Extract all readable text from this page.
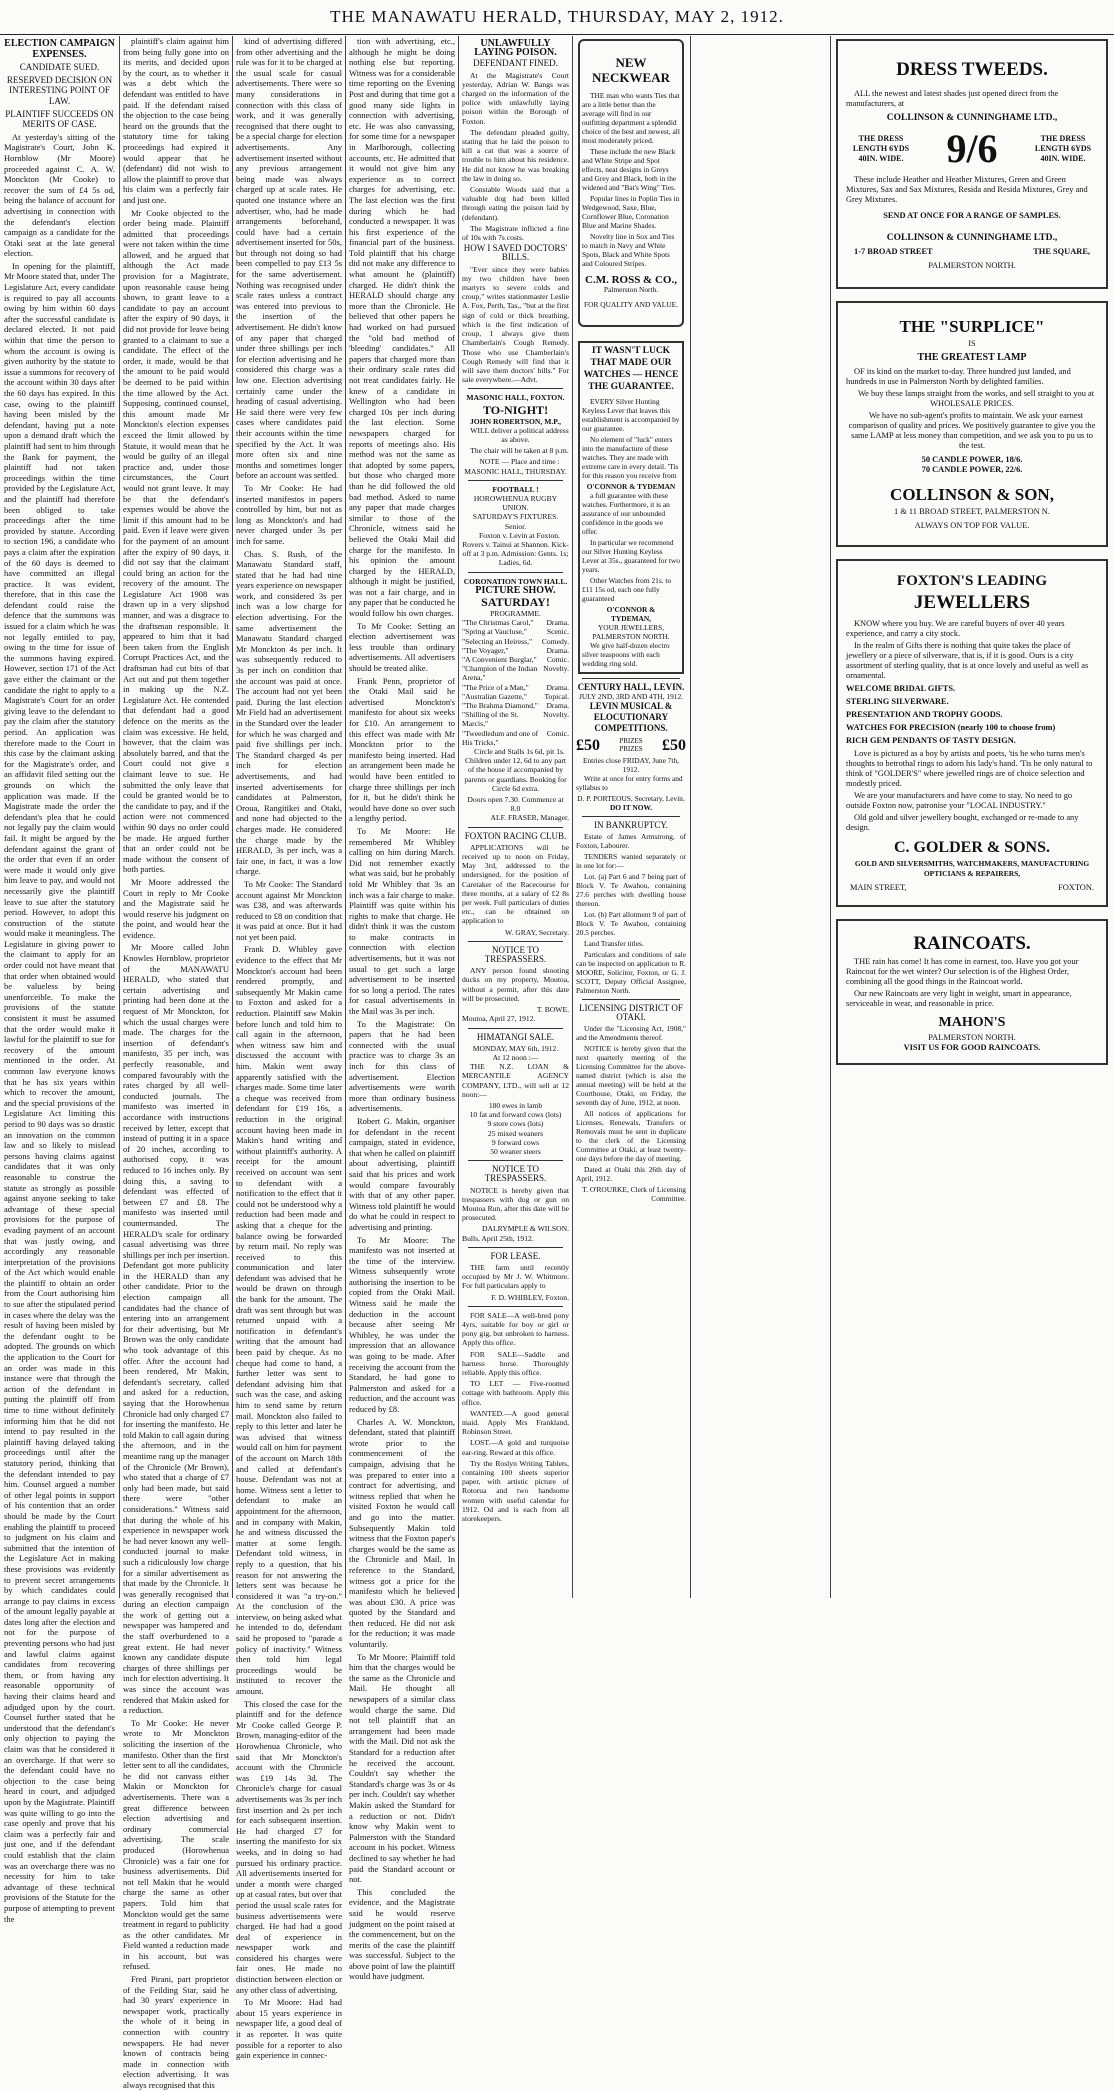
THE MANAWATU HERALD, THURSDAY, MAY 2, 1912.

ELECTION CAMPAIGN EXPENSES.

CANDIDATE SUED.

RESERVED DECISION ON INTERESTING POINT OF LAW.

PLAINTIFF SUCCEEDS ON MERITS OF CASE.

At yesterday's sitting of the Magistrate's Court, John K. Hornblow (Mr Moore) proceeded against C. A. W. Monckton (Mr Cooke) to recover the sum of £4 5s od, being the balance of account for advertising in connection with the defendant's election campaign as a candidate for the Otaki seat at the late general election.

In opening for the plaintiff, Mr Moore stated that, under The Legislature Act, every candidate is required to pay all accounts owing by him within 60 days after the successful candidate is declared elected. It not paid within that time the person to whom the account is owing is given authority by the statute to issue a summons for recovery of the account within 30 days after the 60 days has expired. In this case, owing to the plaintiff having been misled by the defendant, having put a note upon a demand draft which the plaintiff had sent to him through the Bank for payment, the plaintiff had not taken proceedings within the time provided by the Legislature Act, and the plaintiff had therefore been obliged to take proceedings after the time provided by statute. According to section 196, a candidate who pays a claim after the expiration of the 60 days is deemed to have committed an illegal practice. It was evident, therefore, that in this case the defendant could raise the defence that the summons was issued for a claim which he was not legally entitled to pay, owing to the time for issue of the summons having expired. However, section 171 of the Act gave either the claimant or the candidate the right to apply to a Magistrate's Court for an order giving leave to the defendant to pay the claim after the statutory period. An application was therefore made to the Court in this case by the claimant asking for the Magistrate's order, and an affidavit filed setting out the grounds on which the application was made. If the Magistrate made the order the defendant's plea that he could not legally pay the claim would fail. It might be argued by the defendant against the grant of the order that even if an order were made it would only give him leave to pay, and would not necessarily give the plaintiff leave to sue after the statutory period. However, to adopt this construction of the statute would make it meaningless. The Legislature in giving power to the claimant to apply for an order could not have meant that that order when obtained would be valueless by being unenforceible. To make the provisions of the statute consistent it must be assumed that the order would make it lawful for the plaintiff to sue for recovery of the amount mentioned in the order. At common law everyone knows that he has six years within which to recover the amount, and the special provisions of the Legislature Act limiting this period to 90 days was so drastic an innovation on the common law and so likely to mislead persons having claims against candidates that it was only reasonable to construe the statute as strongly as possible against anyone seeking to take advantage of these special provisions for the purpose of evading payment of an account that was justly owing, and accordingly any reasonable interpretation of the provisions of the Act which would enable the plaintiff to obtain an order from the Court authorising him to sue after the stipulated period in cases where the delay was the result of having been misled by the defendant ought to be adopted. The grounds on which the application to the Court for an order was made in this instance were that through the action of the defendant in putting the plaintiff off from time to time without definitely informing him that he did not intend to pay resulted in the plaintiff having delayed taking proceedings until after the statutory period, thinking that the defendant intended to pay him. Counsel argued a number of other legal points in support of his contention that an order should be made by the Court enabling the plaintiff to proceed to judgment on his claim and submitted that the intention of the Legislature Act in making these provisions was evidently to prevent secret arrangements by which candidates could arrange to pay claims in excess of the amount legally payable at dates long after the election and not for the purpose of preventing persons who had just and lawful claims against candidates from recovering them, or from having any reasonable opportunity of having their claims heard and adjudged upon by the court. Counsel further stated that he understood that the defendant's only objection to paying the claim was that he considered it an overcharge. If that were so the defendant could have no objection to the case being heard in court, and adjudged upon by the Magistrate. Plaintiff was quite willing to go into the case openly and prove that his claim was a perfectly fair and just one, and if the defendant could establish that the claim was an overcharge there was no necessity for him to take advantage of these technical provisions of the Statute for the purpose of attempting to prevent the

plaintiff's claim against him from being fully gone into on its merits, and decided upon by the court, as to whether it was a debt which the defendant was entitled to have paid. If the defendant raised the objection to the case being heard on the grounds that the statutory time for taking proceedings had expired it would appear that he (defendant) did not wish to allow the plaintiff to prove that his claim was a perfectly fair and just one.

Mr Cooke objected to the order being made. Plaintiff admitted that proceedings were not taken within the time allowed, and he argued that although the Act made provision for a Magistrate, upon reasonable cause being shown, to grant leave to a candidate to pay an account after the expiry of 90 days, it did not provide for leave being granted to a claimant to sue a candidate. The effect of the order, it made, would be that the amount to be paid would be deemed to be paid within the time allowed by the Act. Supposing, continued counsel, this amount made Mr Monckton's election expenses exceed the limit allowed by Statute, it would mean that he would be guilty of an illegal practice and, under those circumstances, the Court would not grant leave. It may be that the defendant's expenses would be above the limit if this amount had to be paid. Even if leave were given for the payment of an amount after the expiry of 90 days, it did not say that the claimant could bring an action for the recovery of the amount. The Legislature Act 1908 was drawn up in a very slipshod manner, and was a disgrace to the draftsman responsible. It appeared to him that it had been taken from the English Corrupt Practices Act, and the draftsman had cut bits of that Act out and put them together in making up the N.Z. Legislature Act. He contended that defendant had a good defence on the merits as the claim was excessive. He held, however, that the claim was absolutely barred, and that the Court could not give a claimant leave to sue. He submitted the only leave that could be granted would be to the candidate to pay, and if the action were not commenced within 90 days no order could be made. He argued further that an order could not be made without the consent of both parties.

Mr Moore addressed the Court in reply to Mr Cooke and the Magistrate said he would reserve his judgment on the point, and would hear the evidence.

Mr Moore called John Knowles Hornblow, proprietor of the MANAWATU HERALD, who stated that certain advertising and printing had been done at the request of Mr Monckton, for which the usual charges were made. The charges for the insertion of defendant's manifesto, 35 per inch, was perfectly reasonable, and compared favourably with the rates charged by all well-conducted journals. The manifesto was inserted in accordance with instructions received by letter, except that instead of putting it in a space of 20 inches, according to authorised copy, it was reduced to 16 inches only. By doing this, a saving to defendant was effected of between £7 and £8. The manifesto was inserted until countermanded. The HERALD's scale for ordinary casual advertising was three shillings per inch per insertion. Defendant got more publicity in the HERALD than any other candidate. Prior to the election campaign all candidates had the chance of entering into an arrangement for their advertising, but Mr Brown was the only candidate who took advantage of this offer. After the account had been rendered, Mr Makin, defendant's secretary, called and asked for a reduction, saying that the Horowhenua Chronicle had only charged £7 for inserting the manifesto. He told Makin to call again during the afternoon, and in the meantime rang up the manager of the Chronicle (Mr Brown), who stated that a charge of £7 only had been made, but said there were "other considerations." Witness said that during the whole of his experience in newspaper work he had never known any well-conducted journal to make such a ridiculously low charge for a similar advertisement as that made by the Chronicle. It was generally recognised that during an election campaign the work of getting out a newspaper was hampered and the staff overburdened to a great extent. He had never known any candidate dispute charges of three shillings per inch for election advertising. It was since the account was rendered that Makin asked for a reduction.

To Mr Cooke: He never wrote to Mr Monckton soliciting the insertion of the manifesto. Other than the first letter sent to all the candidates, he did not canvass either Makin or Monckton for advertisements. There was a great difference between election advertising and ordinary commercial advertising. The scale produced (Horowhenua Chronicle) was a fair one for business advertisements. Did not tell Makin that he would charge the same as other papers. Told him that Monckton would get the same treatment in regard to publicity as the other candidates. Mr Field wanted a reduction made in his account, but was refused.

Fred Pirani, part proprietor of the Feilding Star, said he had 30 years' experience in newspaper work, practically the whole of it being in connection with country newspapers. He had never known of contracts being made in connection with election advertising. It was always recognised that this

kind of advertising differed from other advertising and the rule was for it to be charged at the usual scale for casual advertisements. There were so many considerations in connection with this class of work, and it was generally recognised that there ought to be a special charge for election advertisements. Any advertisement inserted without any previous arrangement being made was always charged up at scale rates. He quoted one instance where an advertiser, who, had he made arrangements beforehand, could have had a certain advertisement inserted for 50s, but through not doing so had been compelled to pay £13 5s for the same advertisement. Nothing was recognised under scale rates unless a contract was entered into previous to the insertion of the advertisement. He didn't know of any paper that charged under three shillings per inch for election advertising and he considered this charge was a low one. Election advertising certainly came under the heading of casual advertising. He said there were very few cases where candidates paid their accounts within the time specified by the Act. It was more often six and nine months and sometimes longer before an account was settled.

To Mr Cooke: He had inserted manifestos in papers controlled by him, but not as long as Monckton's and had never charged under 3s per inch for same.

Chas. S. Rush, of the Manawatu Standard staff, stated that he had had nine years experience on newspaper work, and considered 3s per inch was a low charge for election advertising. For the same advertisement the Manawatu Standard charged Mr Monckton 4s per inch. It was subsequently reduced to 3s per inch on condition that the account was paid at once. The account had not yet been paid. During the last election Mr Field had an advertisement in the Standard over the leader for which he was charged and paid five shillings per inch. The Standard charged 4s per inch for election advertisements, and had inserted advertisements for candidates at Palmerston, Oroua, Rangitikei and Otaki, and none had objected to the charges made. He considered the charge made by the HERALD, 3s per inch, was a fair one, in fact, it was a low charge.

To Mr Cooke: The Standard account against Mr Monckton was £38, and was afterwards reduced to £8 on condition that it was paid at once. But it had not yet been paid.

Frank D. Whibley gave evidence to the effect that Mr Monckton's account had been rendered promptly, and subsequently Mr Makin came to Foxton and asked for a reduction. Plaintiff saw Makin before lunch and told him to call again in the afternoon, when witness saw him and discussed the account with him. Makin went away apparently satisfied with the charges made. Some time later a cheque was received from defendant for £19 16s, a reduction in the original account having been made in Makin's hand writing and without plaintiff's authority. A receipt for the amount received on account was sent to defendant with a notification to the effect that it could not be understood why a reduction had been made and asking that a cheque for the balance owing be forwarded by return mail. No reply was received to this communication and later defendant was advised that he would be drawn on through the bank for the amount. The draft was sent through but was returned unpaid with a notification in defendant's writing that the amount had been paid by cheque. As no cheque had come to hand, a further letter was sent to defendant advising him that such was the case, and asking him to send same by return mail. Monckton also failed to reply to this letter and later he was advised that witness would call on him for payment of the account on March 18th and called at defendant's house. Defendant was not at home. Witness sent a letter to defendant to make an appointment for the afternoon, and in company with Makin, he and witness discussed the matter at some length. Defendant told witness, in reply to a question, that his reason for not answering the letters sent was because he considered it was "a try-on." At the conclusion of the interview, on being asked what he intended to do, defendant said he proposed to "parade a policy of inactivity." Witness then told him legal proceedings would be instituted to recover the amount.

This closed the case for the plaintiff and for the defence Mr Cooke called George P. Brown, managing-editor of the Horowhenua Chronicle, who said that Mr Monckton's account with the Chronicle was £19 14s 3d. The Chronicle's charge for casual advertisements was 3s per inch first insertion and 2s per inch for each subsequent insertion. He had charged £7 for inserting the manifesto for six weeks, and in doing so had pursued his ordinary practice. All advertisements inserted for under a month were charged up at casual rates, but over that period the usual scale rates for business advertisements were charged. He had had a good deal of experience in newspaper work and considered his charges were fair ones. He made no distinction between election or any other class of advertising.

To Mr Moore: Had had about 15 years experience in newspaper life, a good deal of it as reporter. It was quite possible for a reporter to also gain experience in connec-

tion with advertising, etc., although he might be doing nothing else but reporting. Witness was for a considerable time reporting on the Evening Post and during that time got a good many side lights in connection with advertising, etc. He was also canvassing, for some time for a newspaper in Marlborough, collecting accounts, etc. He admitted that it would not give him any experience as to correct charges for advertising, etc. The last election was the first during which he had conducted a newspaper. It was his first experience of the financial part of the business. Told plaintiff that his charge did not make any difference to what amount he (plaintiff) charged. He didn't think the HERALD should charge any more than the Chronicle. He believed that other papers he had worked on had pursued the "old bad method of 'bleeding' candidates." All papers that charged more than their ordinary scale rates did not treat candidates fairly. He knew of a candidate in Wellington who had been charged 10s per inch during the last election. Some newspapers charged for reports of meetings also. His method was not the same as that adopted by some papers, but those who charged more than he did followed the old bad method. Asked to name any paper that made charges similar to those of the Chronicle, witness said he believed the Otaki Mail did charge for the manifesto. In his opinion the amount charged by the HERALD, although it might be justified, was not a fair charge, and in any paper that he conducted he would follow his own charges.

To Mr Cooke: Setting an election advertisement was less trouble than ordinary advertisements. All advertisers should be treated alike.

Frank Penn, proprietor of the Otaki Mail said he advertised Monckton's manifesto for about six weeks for £10. An arrangement to this effect was made with Mr Monckton prior to the manifesto being inserted. Had an arrangement been made he would have been entitled to charge three shillings per inch for it, but he didn't think he would have done so over such a lengthy period.

To Mr Moore: He remembered Mr Whibley calling on him during March. Did not remember exactly what was said, but he probably told Mr Whibley that 3s an inch was a fair charge to make. Plaintiff was quite within his rights to make that charge. He didn't think it was the custom to make contracts in connection with election advertisements, but it was not usual to get such a large advertisement to be inserted for so long a period. The rates for casual advertisements in the Mail was 3s per inch.

To the Magistrate: On papers that he had been connected with the usual practice was to charge 3s an inch for this class of advertisement. Election advertisements were worth more than ordinary business advertisements.

Robert G. Makin, organiser for defendant in the recent campaign, stated in evidence, that when he called on plaintiff about advertising, plaintiff said that his prices and work would compare favourably with that of any other paper. Witness told plaintiff he would do what he could in respect to advertising and printing.

To Mr Moore: The manifesto was not inserted at the time of the interview. Witness subsequently wrote authorising the insertion to be copied from the Otaki Mail. Witness said he made the deduction in the account because after seeing Mr Whibley, he was under the impression that an allowance was going to be made. After receiving the account from the Standard, he had gone to Palmerston and asked for a reduction, and the account was reduced by £8.

Charles A. W. Monckton, defendant, stated that plaintiff wrote prior to the commencement of the campaign, advising that he was prepared to enter into a contract for advertising, and witness replied that when he visited Foxton he would call and go into the matter. Subsequently Makin told witness that the Foxton paper's charges would be the same as the Chronicle and Mail. In reference to the Standard, witness got a price for the manifesto which he believed was about £30. A price was quoted by the Standard and then reduced. He did not ask for the reduction; it was made voluntarily.

To Mr Moore: Plaintiff told him that the charges would be the same as the Chronicle and Mail. He thought all newspapers of a similar class would charge the same. Did not tell plaintiff that an arrangement had been made with the Mail. Did not ask the Standard for a reduction after he received the account. Couldn't say whether the Standard's charge was 3s or 4s per inch. Couldn't say whether Makin asked the Standard for a reduction or not. Didn't know why Makin went to Palmerston with the Standard account in his pocket. Witness declined to say whether he had paid the Standard account or not.

This concluded the evidence, and the Magistrate said he would reserve judgment on the point raised at the commencement, but on the merits of the case the plaintiff was successful. Subject to the above point of law the plaintiff would have judgment.

UNLAWFULLY LAYING POISON.

DEFENDANT FINED.

At the Magistrate's Court yesterday, Adrian W. Bangs was charged on the information of the police with unlawfully laying poison within the Borough of Foxton.

The defendant pleaded guilty, stating that he laid the poison to kill a cat that was a source of trouble to him about his residence. He did not know he was breaking the law in doing so.

Constable Woods said that a valuable dog had been killed through eating the poison laid by (defendant).

The Magistrate inflicted a fine of 10s with 7s costs.

HOW I SAVED DOCTORS' BILLS.

"Ever since they were babies my two children have been martyrs to severe colds and croup," writes stationmaster Leslie A. Fox, Perth, Tas., "but at the first sign of cold or thick breathing, which is the first indication of croup, I always give them Chamberlain's Cough Remedy. Those who use Chamberlain's Cough Remedy will find that it will save them doctors' bills." For sale everywhere.—Advt.

MASONIC HALL, FOXTON.
TO-NIGHT!
JOHN ROBERTSON, M.P.,

WILL deliver a political address as above.

The chair will be taken at 8 p.m.

NOTE — Place and time : MASONIC HALL, THURSDAY.

FOOTBALL !
HOROWHENUA RUGBY UNION.
SATURDAY'S FIXTURES.
Senior.

Foxton v. Levin at Foxton. Rovers v. Tainui at Shannon. Kick-off at 3 p.m. Admission: Gents. 1s; Ladies, 6d.

CORONATION TOWN HALL.
PICTURE SHOW.
SATURDAY!
PROGRAMME.
"The Christmas Carol," Drama.
"Spring at Vaucluse,"	Scenic.
"Selecting an Heiress," Comedy.
"The Voyager,"	Drama.
"A Convenient Burglar," Comic.
"Champion of the Indian Arena,"
Novelty.
"The Price of a Man," Drama.
"Australian Gazette," Topical.
"The Brahma Diamond," Drama.
"Shilling of the St. Marcis,"
Novelty.
"Tweedledum and one of His Tricks,"
Comic.

Circle and Stalls 1s 6d, pit 1s. Children under 12, 6d to any part of the house if accompanied by parents or guardians. Booking for Circle 6d extra.

Doors open 7.30. Commence at 8.0
ALF. FRASER, Manager.
FOXTON RACING CLUB.

APPLICATIONS will be received up to noon on Friday, May 3rd, addressed to the undersigned, for the position of Caretaker of the Racecourse for three months, at a salary of £2 8s per week. Full particulars of duties etc., can be obtained on application to

W. GRAY, Secretary.
NOTICE TO TRESPASSERS.

ANY person found shooting ducks on my property, Moutoa, without a permit, after this date will be prosecuted.

T. BOWE.
Moutoa, April 27, 1912.
HIMATANGI SALE.
MONDAY, MAY 6th, 1912.
At 12 noon :—

THE N.Z. LOAN & MERCANTILE AGENCY COMPANY, LTD., will sell at 12 noon:—

180 ewes in lamb
10 fat and forward cows (lots)
9 store cows (lots)
25 mixed weaners
9 forward cows
50 weaner steers
NOTICE TO TRESPASSERS.

NOTICE is hereby given that trespassers with dog or gun on Moutoa Run, after this date will be prosecuted.

DALRYMPLE & WILSON.
Bulls, April 25th, 1912.
FOR LEASE.

THE farm until recently occupied by Mr J. W. Whitmore. For full particulars apply to

F. D. WHIBLEY, Foxton.

FOR SALE—A well-bred pony 4yrs, suitable for boy or girl or pony gig, but unbroken to harness. Apply this office.

FOR SALE—Saddle and harness horse. Thoroughly reliable. Apply this office.

TO LET — Five-roomed cottage with bathroom. Apply this office.

WANTED.—A good general maid. Apply Mrs Frankland, Robinson Street.

LOST.—A gold and turquoise ear-ring. Reward at this office.

Try the Roslyn Writing Tablets, containing 100 sheets superior paper, with artistic picture of Rotorua and two handsome women with useful calendar for 1912. Od and is each from all storekeepers.

NEW
NECKWEAR

THE man who wants Ties that are a little better than the average will find in our outfitting department a splendid choice of the best and newest, all most moderately priced.

These include the new Black and White Stripe and Spot effects, neat designs in Greys and Grey and Black, both in the widened and "Bat's Wing" Ties.

Popular lines in Poplin Ties in Wedgewood, Saxe, Blue, Cornflower Blue, Coronation Blue and Marine Shades.

Novelty line in Sox and Ties to match in Navy and White Spots, Black and White Spots and Coloured Stripes.

C.M. ROSS & CO.,
Palmerston North.
FOR QUALITY AND VALUE.
IT WASN'T LUCK
THAT MADE OUR
WATCHES — HENCE
THE GUARANTEE.

EVERY Silver Hunting Keyless Lever that leaves this establishment is accompanied by our guarantee.

No element of "luck" enters into the manufacture of these watches. They are made with extreme care in every detail. 'Tis for this reason you receive from

O'CONNOR & TYDEMAN

a full guarantee with these watches. Furthermore, it is an assurance of our unbounded confidence in the goods we offer.

In particular we recommend our Silver Hunting Keyless Lever at 35s., guaranteed for two years.

Other Watches from 21s. to £11 15s od, each one fully guaranteed

O'CONNOR &
TYDEMAN,
YOUR JEWELLERS,
PALMERSTON NORTH.

We give half-dozen electro silver teaspoons with each wedding ring sold.

CENTURY HALL, LEVIN.
JULY 2ND, 3RD AND 4TH, 1912.
LEVIN MUSICAL & ELOCUTIONARY COMPETITIONS.
£50	PRIZES
PRIZES £50
Entries close FRIDAY, June 7th, 1912.

Write at once for entry forms and syllabus to

D. P. PORTEOUS, Secretary, Levin.
DO IT NOW.
IN BANKRUPTCY.

Estate of James Armstrong, of Foxton, Labourer.

TENDERS wanted separately or in one lot for:—

Lot. (a) Part 6 and 7 being part of Block V. Te Awahou, containing 27.6 perches with dwelling house thereon.

Lot. (b) Part allotment 9 of part of Block V. Te Awahou, containing 20.5 perches.

Land Transfer titles.

Particulars and conditions of sale can be inspected on application to R. MOORE, Solicitor, Foxton, or G. J. SCOTT, Deputy Official Assignee, Palmerston North.

LICENSING DISTRICT OF OTAKI.

Under the "Licensing Act, 1908," and the Amendments thereof.

NOTICE is hereby given that the next quarterly meeting of the Licensing Committee for the above-named district (which is also the annual meeting) will be held at the Courthouse, Otaki, on Friday, the seventh day of June, 1912, at noon.

All notices of applications for Licenses, Renewals, Transfers or Removals must be sent in duplicate to the clerk of the Licensing Committee at Otaki, at least twenty-one days before the day of meeting.

Dated at Otaki this 26th day of April, 1912.

T. O'ROURKE, Clerk of Licensing Committee.
DRESS TWEEDS.

ALL the newest and latest shades just opened direct from the manufacturers, at

COLLINSON & CUNNINGHAME LTD.,
THE DRESS LENGTH 6YDS 40IN. WIDE.	9/6	THE DRESS LENGTH 6YDS 40IN. WIDE.

These include Heather and Heather Mixtures, Green and Green Mixtures, Sax and Sax Mixtures, Resida and Resida Mixtures, Grey and Grey Mixtures.

SEND AT ONCE FOR A RANGE OF SAMPLES.
COLLINSON & CUNNINGHAME LTD.,
1-7 BROAD STREET	THE SQUARE,
PALMERSTON NORTH.
THE "SURPLICE"
IS
THE GREATEST LAMP

OF its kind on the market to-day. Three hundred just landed, and hundreds in use in Palmerston North by delighted families.

We buy these lamps straight from the works, and sell straight to you at WHOLESALE PRICES.

We have no sub-agent's profits to maintain. We ask your earnest comparison of quality and prices. We positively guarantee to give you the same LAMP at less money than competition, and we ask you to pu us to the test.

50 CANDLE POWER, 18/6.
70 CANDLE POWER, 22/6.
COLLINSON & SON,
1 & 11 BROAD STREET, PALMERSTON N.
ALWAYS ON TOP FOR VALUE.
FOXTON'S LEADING
JEWELLERS

KNOW where you buy. We are careful buyers of over 40 years experience, and carry a city stock.

In the realm of Gifts there is nothing that quite takes the place of jewellery or a piece of silverware, that is, if it is good. Ours is a city assortment of sterling quality, that is at once lovely and useful as well as ornamental.

WELCOME BRIDAL GIFTS.
STERLING SILVERWARE.
PRESENTATION AND TROPHY GOODS.
WATCHES FOR PRECISION (nearly 100 to choose from)
RICH GEM PENDANTS OF TASTY DESIGN.

Love is pictured as a boy by artists and poets, 'tis he who turns men's thoughts to betrothal rings to adorn his lady's hand. 'Tis he only natural to think of "GOLDER'S" where jewelled rings are of choice selection and modestly priced.

We are your manufacturers and have come to stay. No need to go outside Foxton now, patronise your "LOCAL INDUSTRY."

Old gold and silver jewellery bought, exchanged or re-made to any design.

C. GOLDER & SONS.
GOLD AND SILVERSMITHS, WATCHMAKERS, MANUFACTURING OPTICIANS & REPAIRERS,
MAIN STREET,	FOXTON.
RAINCOATS.

THE rain has come! It has come in earnest, too. Have you got your Raincoat for the wet winter? Our selection is of the Highest Order, combining all the good things in the Raincoat world.

Our new Raincoats are very light in weight, smart in appearance, serviceable in wear, and reasonable in price.

MAHON'S
PALMERSTON NORTH.
VISIT US FOR GOOD RAINCOATS.
